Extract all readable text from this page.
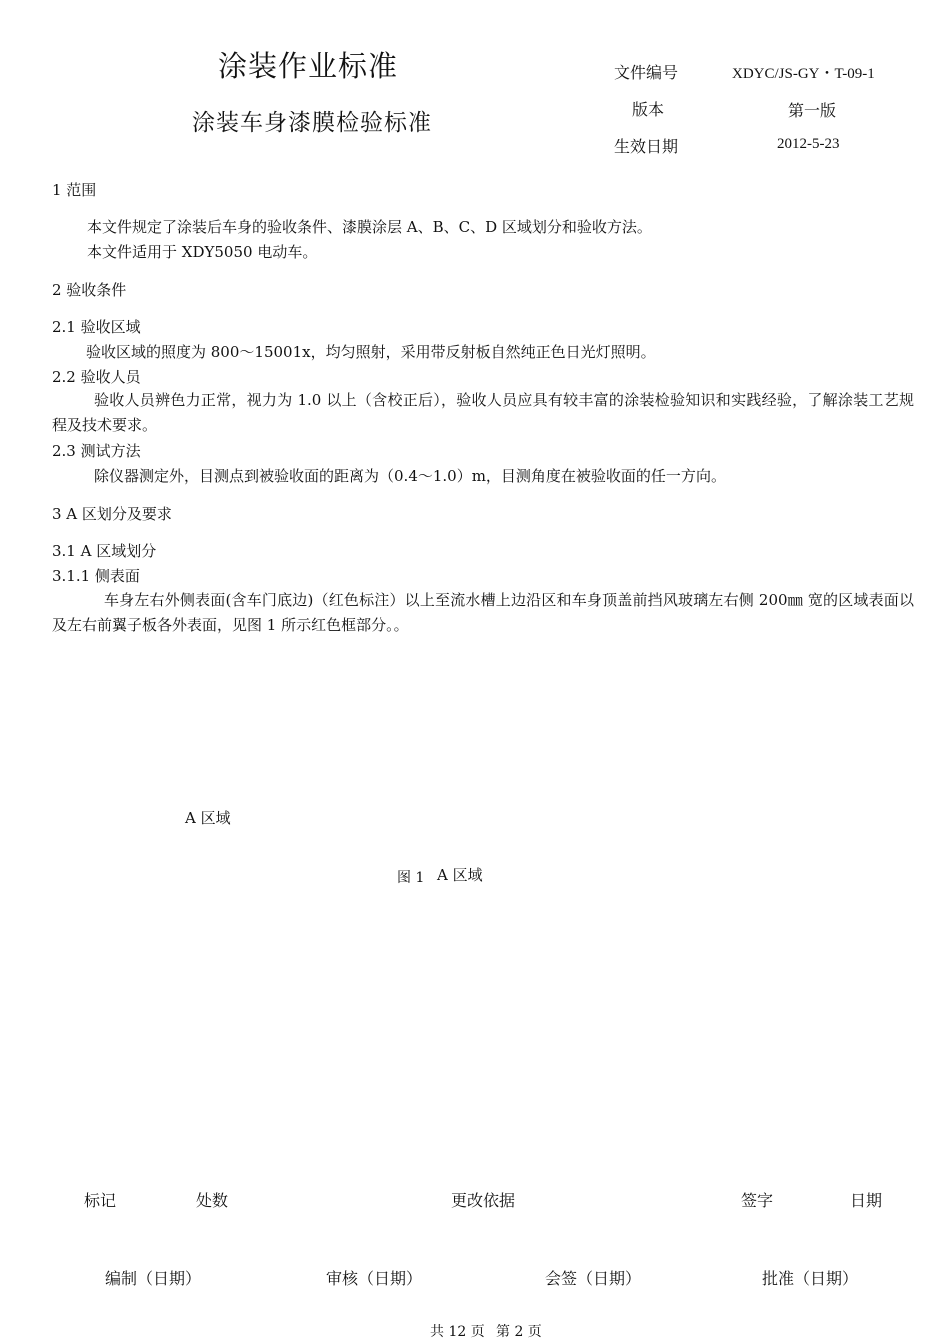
涂装作业标准
涂装车身漆膜检验标准
文件编号	XDYC/JS-GY・T-09-1
版本	第一版
生效日期	2012-5-23
1 范围
本文件规定了涂装后车身的验收条件、漆膜涂层 A、B、C、D 区域划分和验收方法。
本文件适用于 XDY5050 电动车。
2 验收条件
2.1 验收区域
验收区域的照度为 800～15001x，均匀照射，采用带反射板自然纯正色日光灯照明。
2.2 验收人员
验收人员辨色力正常，视力为 1.0 以上（含校正后），验收人员应具有较丰富的涂装检验知识和实践经验，了解涂装工艺规程及技术要求。
2.3 测试方法
除仪器测定外，目测点到被验收面的距离为（0.4～1.0）m，目测角度在被验收面的任一方向。
3 A 区划分及要求
3.1 A 区域划分
3.1.1 侧表面
车身左右外侧表面(含车门底边)（红色标注）以上至流水槽上边沿区和车身顶盖前挡风玻璃左右侧 200㎜ 宽的区域表面以及左右前翼子板各外表面，见图 1 所示红色框部分。。
A 区域
图 1 A 区域
标记	处数	更改依据	签字	日期
编制（日期）	审核（日期）	会签（日期）	批准（日期）
共 12 页 第 2 页
